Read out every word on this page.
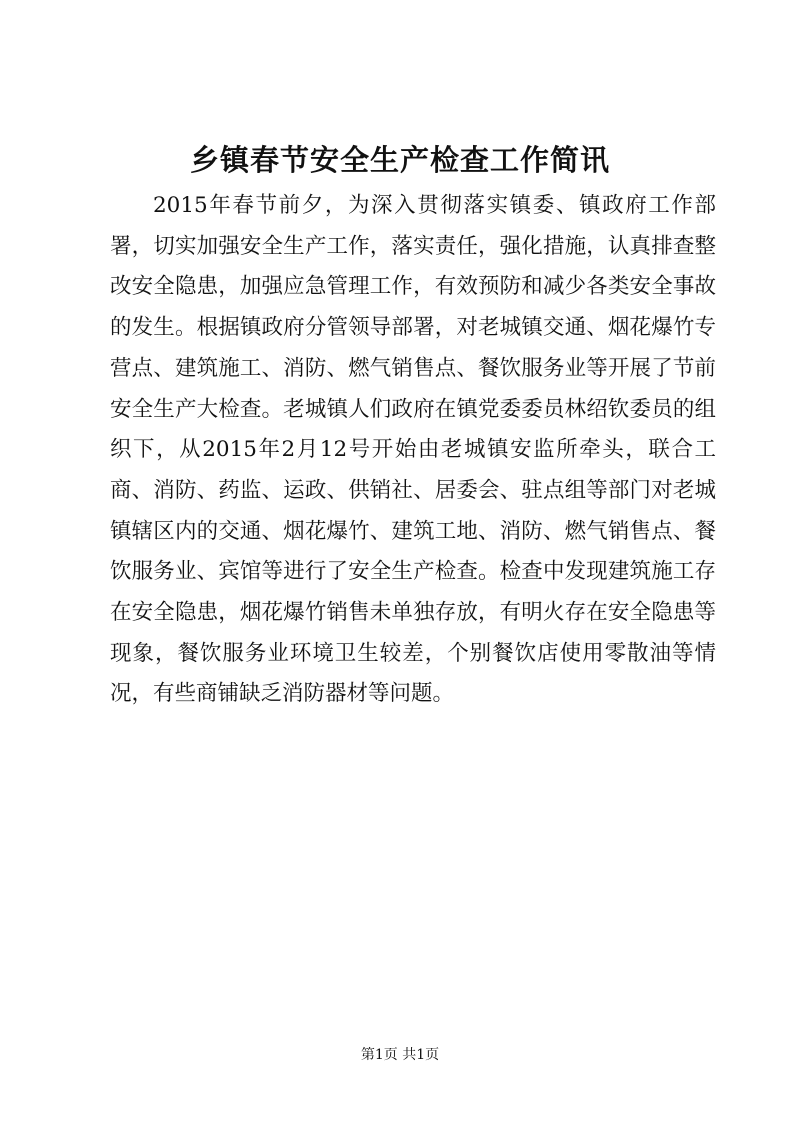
乡镇春节安全生产检查工作简讯

2015年春节前夕，为深入贯彻落实镇委、镇政府工作部署，切实加强安全生产工作，落实责任，强化措施，认真排查整改安全隐患，加强应急管理工作，有效预防和减少各类安全事故的发生。根据镇政府分管领导部署，对老城镇交通、烟花爆竹专营点、建筑施工、消防、燃气销售点、餐饮服务业等开展了节前安全生产大检查。老城镇人们政府在镇党委委员林绍钦委员的组织下，从2015年2月12号开始由老城镇安监所牵头，联合工商、消防、药监、运政、供销社、居委会、驻点组等部门对老城镇辖区内的交通、烟花爆竹、建筑工地、消防、燃气销售点、餐饮服务业、宾馆等进行了安全生产检查。检查中发现建筑施工存在安全隐患，烟花爆竹销售未单独存放，有明火存在安全隐患等现象，餐饮服务业环境卫生较差，个别餐饮店使用零散油等情况，有些商铺缺乏消防器材等问题。

第1页 共1页
